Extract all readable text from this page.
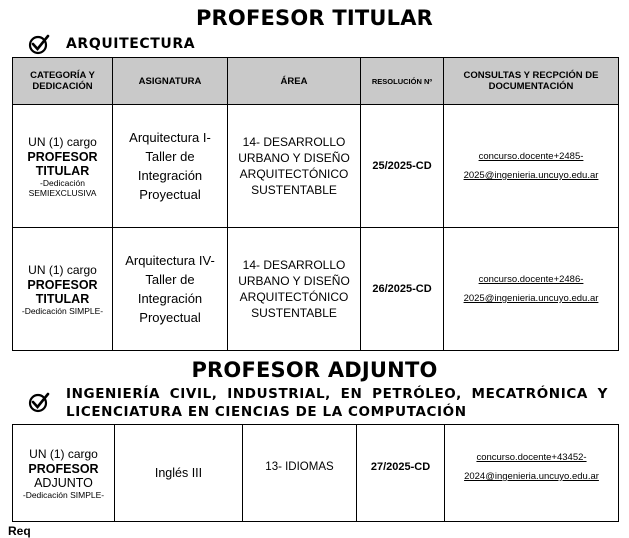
PROFESOR TITULAR
ARQUITECTURA
CATEGORÍA Y DEDICACIÓN	ASIGNATURA	ÁREA	RESOLUCIÓN Nº	CONSULTAS Y RECPCIÓN DE DOCUMENTACIÓN

UN (1) cargo
PROFESOR TITULAR
-Dedicación SEMIEXCLUSIVA	Arquitectura I- Taller de Integración Proyectual	14- DESARROLLO URBANO Y DISEÑO ARQUITECTÓNICO SUSTENTABLE	25/2025-CD	concurso.docente+2485-2025@ingenieria.uncuyo.edu.ar

UN (1) cargo
PROFESOR TITULAR
-Dedicación SIMPLE-	Arquitectura IV- Taller de Integración Proyectual	14- DESARROLLO URBANO Y DISEÑO ARQUITECTÓNICO SUSTENTABLE	26/2025-CD	concurso.docente+2486-2025@ingenieria.uncuyo.edu.ar
PROFESOR ADJUNTO
INGENIERÍA CIVIL, INDUSTRIAL, EN PETRÓLEO, MECATRÓNICA Y LICENCIATURA EN CIENCIAS DE LA COMPUTACIÓN
UN (1) cargo
PROFESOR
ADJUNTO
-Dedicación SIMPLE-
	Inglés III	13- IDIOMAS	27/2025-CD	concurso.docente+43452-2024@ingenieria.uncuyo.edu.ar
Req
